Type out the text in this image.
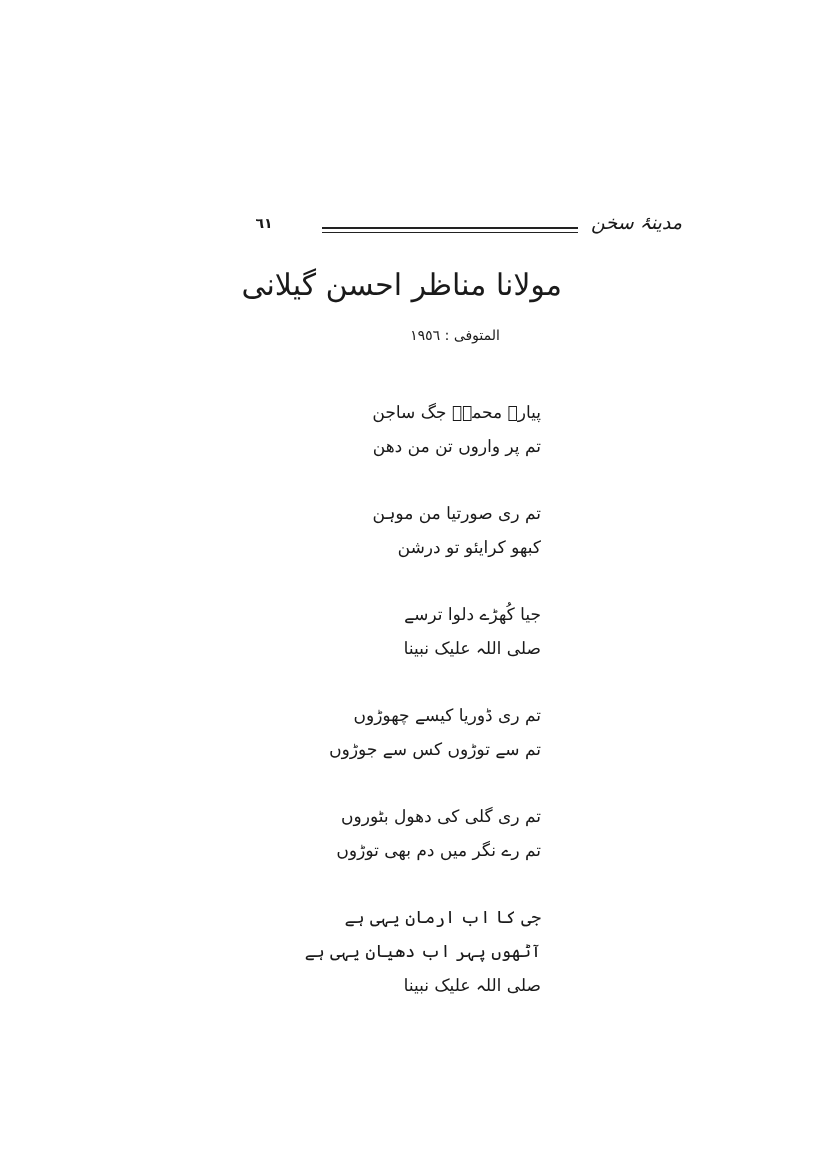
مدینۂ سخن
٦١
مولانا مناظر احسن گیلانی
المتوفی : ١٩٥٦
پیارے محمدؐ جگ ساجن
تم پر واروں تن من دھن
تم ری صورتیا من موہن
کبھو کرایئو تو درشن
جیا کُھڑے دلوا ترسے
صلی اللہ علیک نبینا
تم ری ڈوریا کیسے چھوڑوں
تم سے توڑوں کس سے جوڑوں
تم ری گلی کی دھول بٹوروں
تم رے نگر میں دم بھی توڑوں
جی کا اب ارمان یہی ہے
آٹھوں پہر اب دھیان یہی ہے
صلی اللہ علیک نبینا
